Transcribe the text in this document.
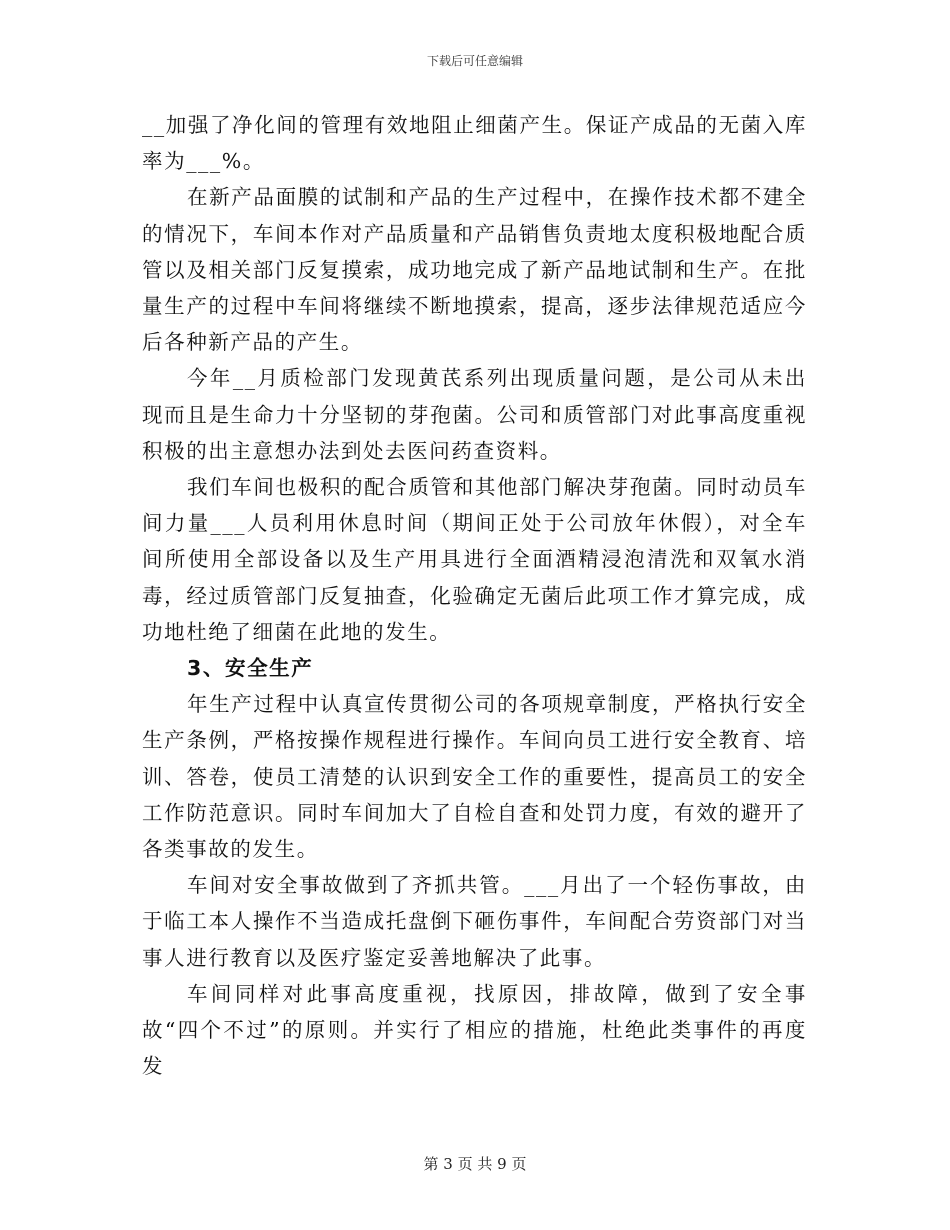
下载后可任意编辑

__加强了净化间的管理有效地阻止细菌产生。保证产成品的无菌入库率为___%。

在新产品面膜的试制和产品的生产过程中，在操作技术都不建全的情况下，车间本作对产品质量和产品销售负责地太度积极地配合质管以及相关部门反复摸索，成功地完成了新产品地试制和生产。在批量生产的过程中车间将继续不断地摸索，提高，逐步法律规范适应今后各种新产品的产生。

今年__月质检部门发现黄芪系列出现质量问题，是公司从未出现而且是生命力十分坚韧的芽孢菌。公司和质管部门对此事高度重视积极的出主意想办法到处去医问药查资料。

我们车间也极积的配合质管和其他部门解决芽孢菌。同时动员车间力量___人员利用休息时间（期间正处于公司放年休假），对全车间所使用全部设备以及生产用具进行全面酒精浸泡清洗和双氧水消毒，经过质管部门反复抽查，化验确定无菌后此项工作才算完成，成功地杜绝了细菌在此地的发生。

3、安全生产

年生产过程中认真宣传贯彻公司的各项规章制度，严格执行安全生产条例，严格按操作规程进行操作。车间向员工进行安全教育、培训、答卷，使员工清楚的认识到安全工作的重要性，提高员工的安全工作防范意识。同时车间加大了自检自查和处罚力度，有效的避开了各类事故的发生。

车间对安全事故做到了齐抓共管。___月出了一个轻伤事故，由于临工本人操作不当造成托盘倒下砸伤事件，车间配合劳资部门对当事人进行教育以及医疗鉴定妥善地解决了此事。

车间同样对此事高度重视，找原因，排故障，做到了安全事故“四个不过”的原则。并实行了相应的措施，杜绝此类事件的再度发

第 3 页 共 9 页
